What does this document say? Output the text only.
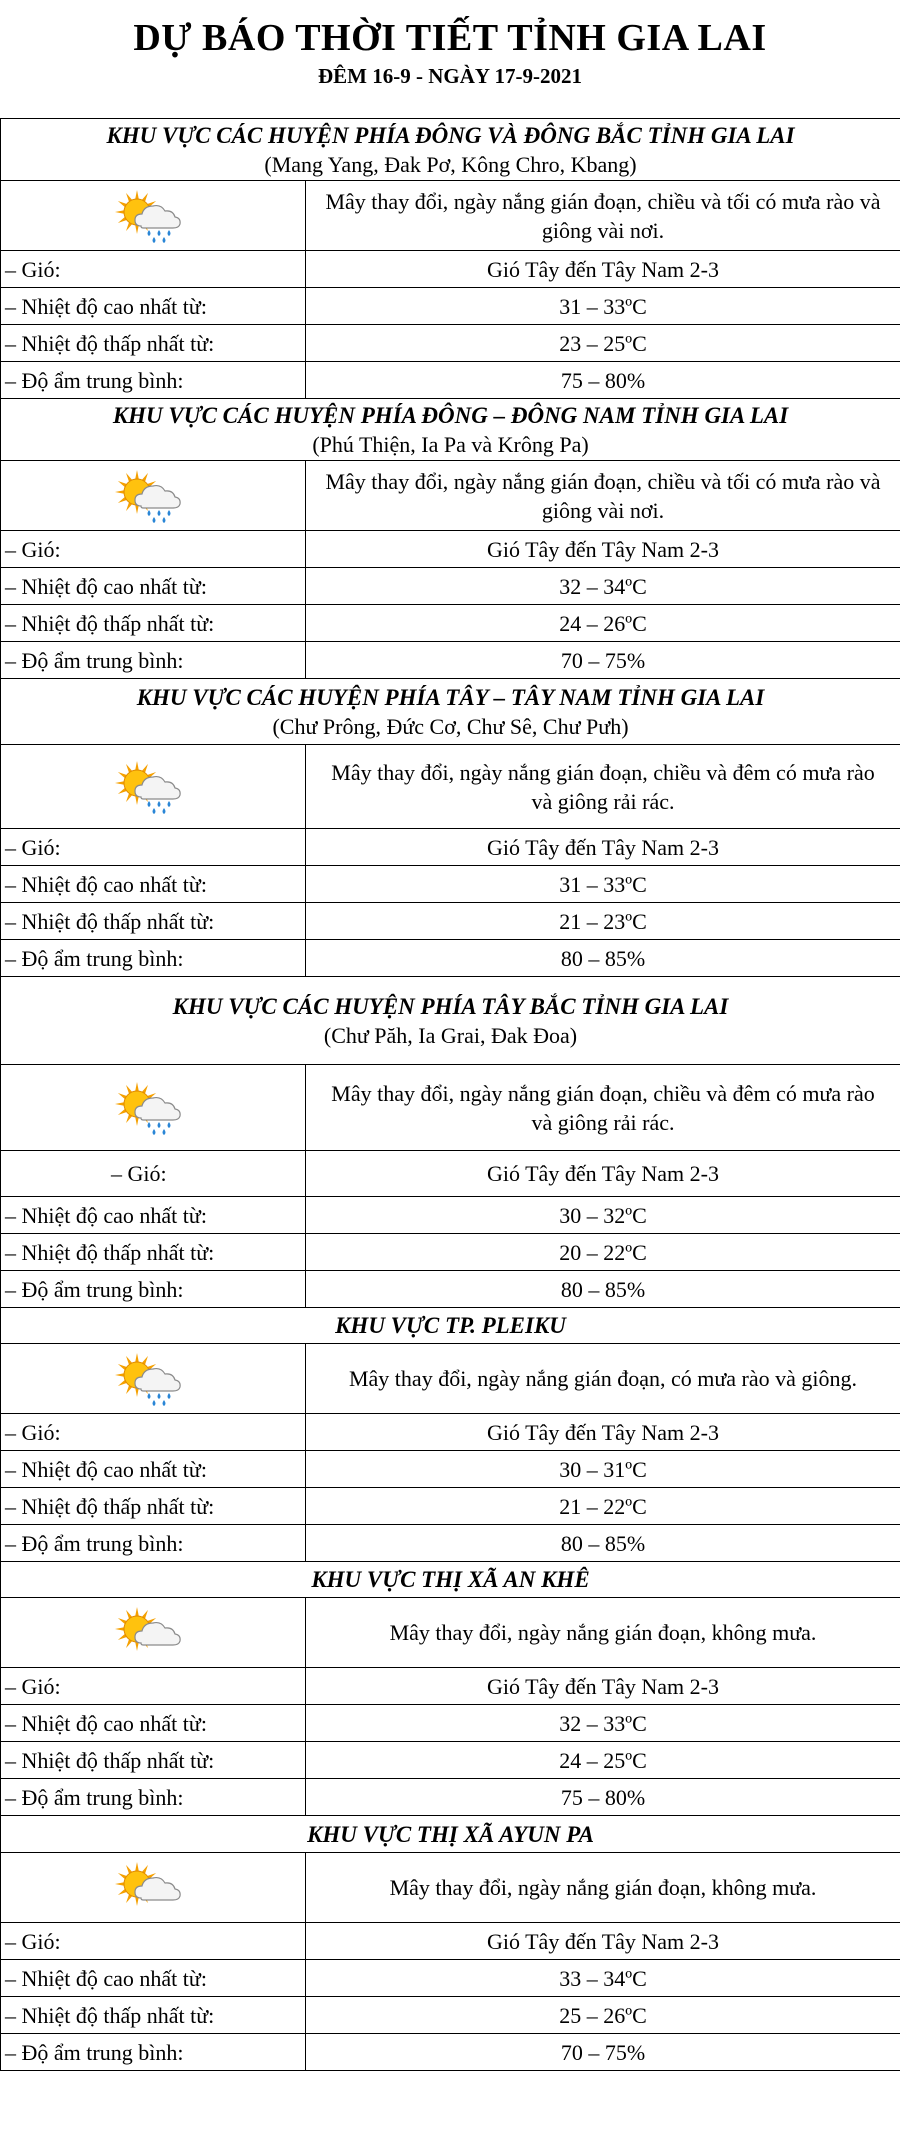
DỰ BÁO THỜI TIẾT TỈNH GIA LAI
ĐÊM 16-9 - NGÀY 17-9-2021
KHU VỰC CÁC HUYỆN PHÍA ĐÔNG VÀ ĐÔNG BẮC TỈNH GIA LAI
(Mang Yang, Đak Pơ, Kông Chro, Kbang)	

	Mây thay đổi, ngày nắng gián đoạn, chiều và tối có mưa rào và giông vài nơi.
– Gió:	Gió Tây đến Tây Nam 2-3
– Nhiệt độ cao nhất từ:	31 – 33ºC
– Nhiệt độ thấp nhất từ:	23 – 25ºC
– Độ ẩm trung bình:	75 – 80%

KHU VỰC CÁC HUYỆN PHÍA ĐÔNG – ĐÔNG NAM TỈNH GIA LAI
(Phú Thiện, Ia Pa và Krông Pa)	

	Mây thay đổi, ngày nắng gián đoạn, chiều và tối có mưa rào và giông vài nơi.
– Gió:	Gió Tây đến Tây Nam 2-3
– Nhiệt độ cao nhất từ:	32 – 34ºC
– Nhiệt độ thấp nhất từ:	24 – 26ºC
– Độ ẩm trung bình:	70 – 75%

KHU VỰC CÁC HUYỆN PHÍA TÂY – TÂY NAM TỈNH GIA LAI
(Chư Prông, Đức Cơ, Chư Sê, Chư Pưh)	

	Mây thay đổi, ngày nắng gián đoạn, chiều và đêm có mưa rào và giông rải rác.
– Gió:	Gió Tây đến Tây Nam 2-3
– Nhiệt độ cao nhất từ:	31 – 33ºC
– Nhiệt độ thấp nhất từ:	21 – 23ºC
– Độ ẩm trung bình:	80 – 85%

KHU VỰC CÁC HUYỆN PHÍA TÂY BẮC TỈNH GIA LAI
(Chư Păh, Ia Grai, Đak Đoa)	

	Mây thay đổi, ngày nắng gián đoạn, chiều và đêm có mưa rào và giông rải rác.
– Gió:	Gió Tây đến Tây Nam 2-3
– Nhiệt độ cao nhất từ:	30 – 32ºC
– Nhiệt độ thấp nhất từ:	20 – 22ºC
– Độ ẩm trung bình:	80 – 85%

KHU VỰC TP. PLEIKU	

	Mây thay đổi, ngày nắng gián đoạn, có mưa rào và giông.
– Gió:	Gió Tây đến Tây Nam 2-3
– Nhiệt độ cao nhất từ:	30 – 31ºC
– Nhiệt độ thấp nhất từ:	21 – 22ºC
– Độ ẩm trung bình:	80 – 85%

KHU VỰC THỊ XÃ AN KHÊ	

	Mây thay đổi, ngày nắng gián đoạn, không mưa.
– Gió:	Gió Tây đến Tây Nam 2-3
– Nhiệt độ cao nhất từ:	32 – 33ºC
– Nhiệt độ thấp nhất từ:	24 – 25ºC
– Độ ẩm trung bình:	75 – 80%

KHU VỰC THỊ XÃ AYUN PA	

	Mây thay đổi, ngày nắng gián đoạn, không mưa.
– Gió:	Gió Tây đến Tây Nam 2-3
– Nhiệt độ cao nhất từ:	33 – 34ºC
– Nhiệt độ thấp nhất từ:	25 – 26ºC
– Độ ẩm trung bình:	70 – 75%
